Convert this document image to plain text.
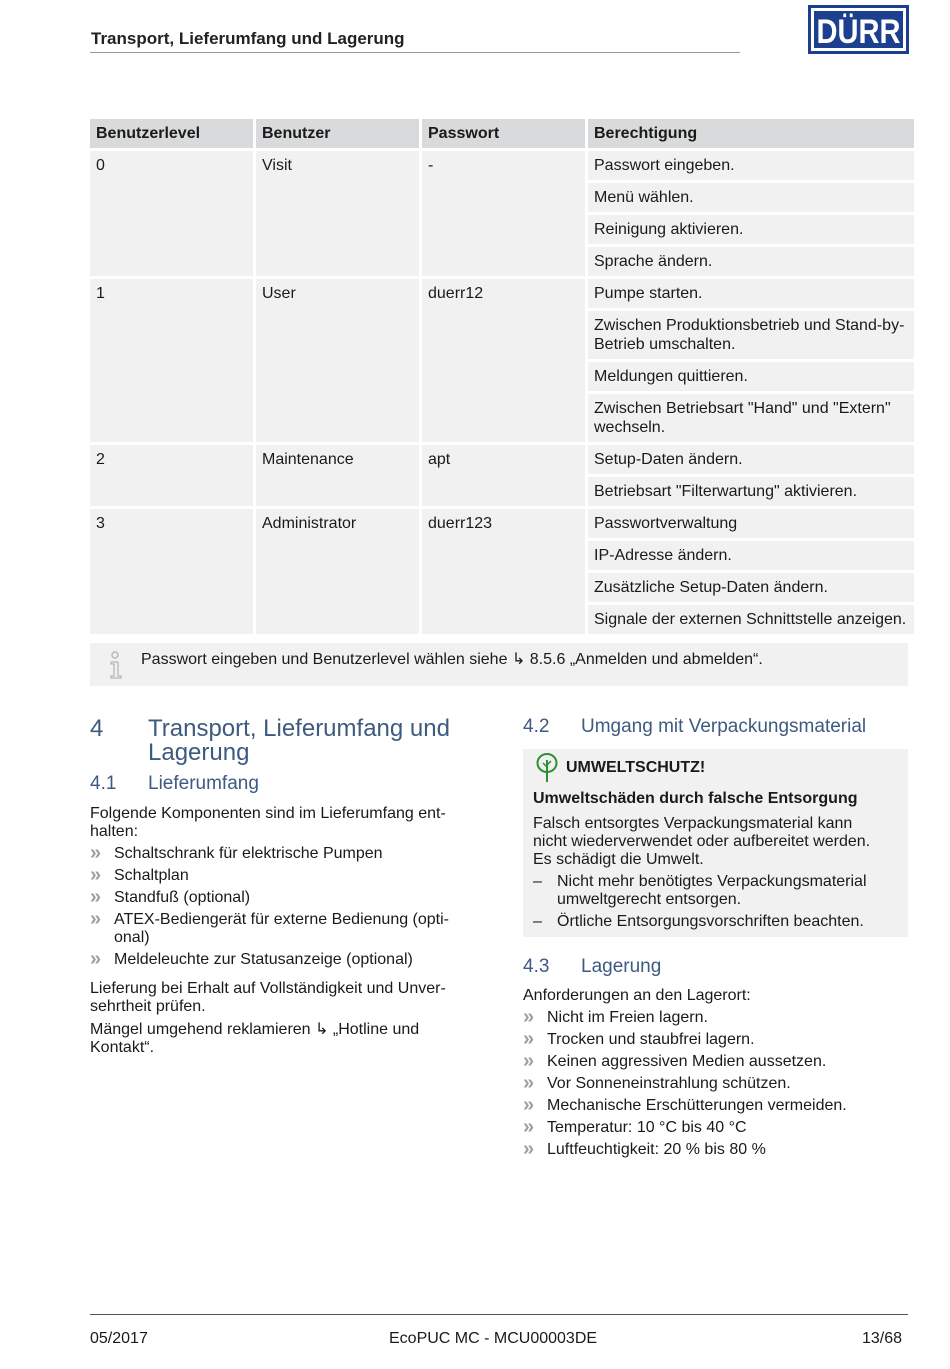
Transport, Lieferumfang und Lagerung	DÜRR
Benutzerlevel	Benutzer	Passwort	Berechtigung
0	Visit	-	Passwort eingeben.
			Menü wählen.
			Reinigung aktivieren.
			Sprache ändern.
1	User	duerr12	Pumpe starten.
			Zwischen Produktionsbetrieb und Stand-by-Betrieb umschalten.
			Meldungen quittieren.
			Zwischen Betriebsart "Hand" und "Extern" wechseln.
2	Maintenance	apt	Setup-Daten ändern.
			Betriebsart "Filterwartung" aktivieren.
3	Administrator	duerr123	Passwortverwaltung
			IP-Adresse ändern.
			Zusätzliche Setup-Daten ändern.
			Signale der externen Schnittstelle anzeigen.
Passwort eingeben und Benutzerlevel wählen siehe ↳ 8.5.6 „Anmelden und abmelden“.
4 Transport, Lieferumfang und
Lagerung
4.1 Lieferumfang
Folgende Komponenten sind im Lieferumfang ent-
halten:
» Schaltschrank für elektrische Pumpen
» Schaltplan
» Standfuß (optional)
» ATEX-Bediengerät für externe Bedienung (opti-
onal)
» Meldeleuchte zur Statusanzeige (optional)
Lieferung bei Erhalt auf Vollständigkeit und Unver-
sehrtheit prüfen.
Mängel umgehend reklamieren ↳ „Hotline und
Kontakt“.
4.2 Umgang mit Verpackungsmaterial
UMWELTSCHUTZ!
Umweltschäden durch falsche Entsorgung
Falsch entsorgtes Verpackungsmaterial kann
nicht wiederverwendet oder aufbereitet werden.
Es schädigt die Umwelt.
– Nicht mehr benötigtes Verpackungsmaterial
umweltgerecht entsorgen.
– Örtliche Entsorgungsvorschriften beachten.
4.3 Lagerung
Anforderungen an den Lagerort:
» Nicht im Freien lagern.
» Trocken und staubfrei lagern.
» Keinen aggressiven Medien aussetzen.
» Vor Sonneneinstrahlung schützen.
» Mechanische Erschütterungen vermeiden.
» Temperatur: 10 °C bis 40 °C
» Luftfeuchtigkeit: 20 % bis 80 %
05/2017	EcoPUC MC - MCU00003DE	13/68
